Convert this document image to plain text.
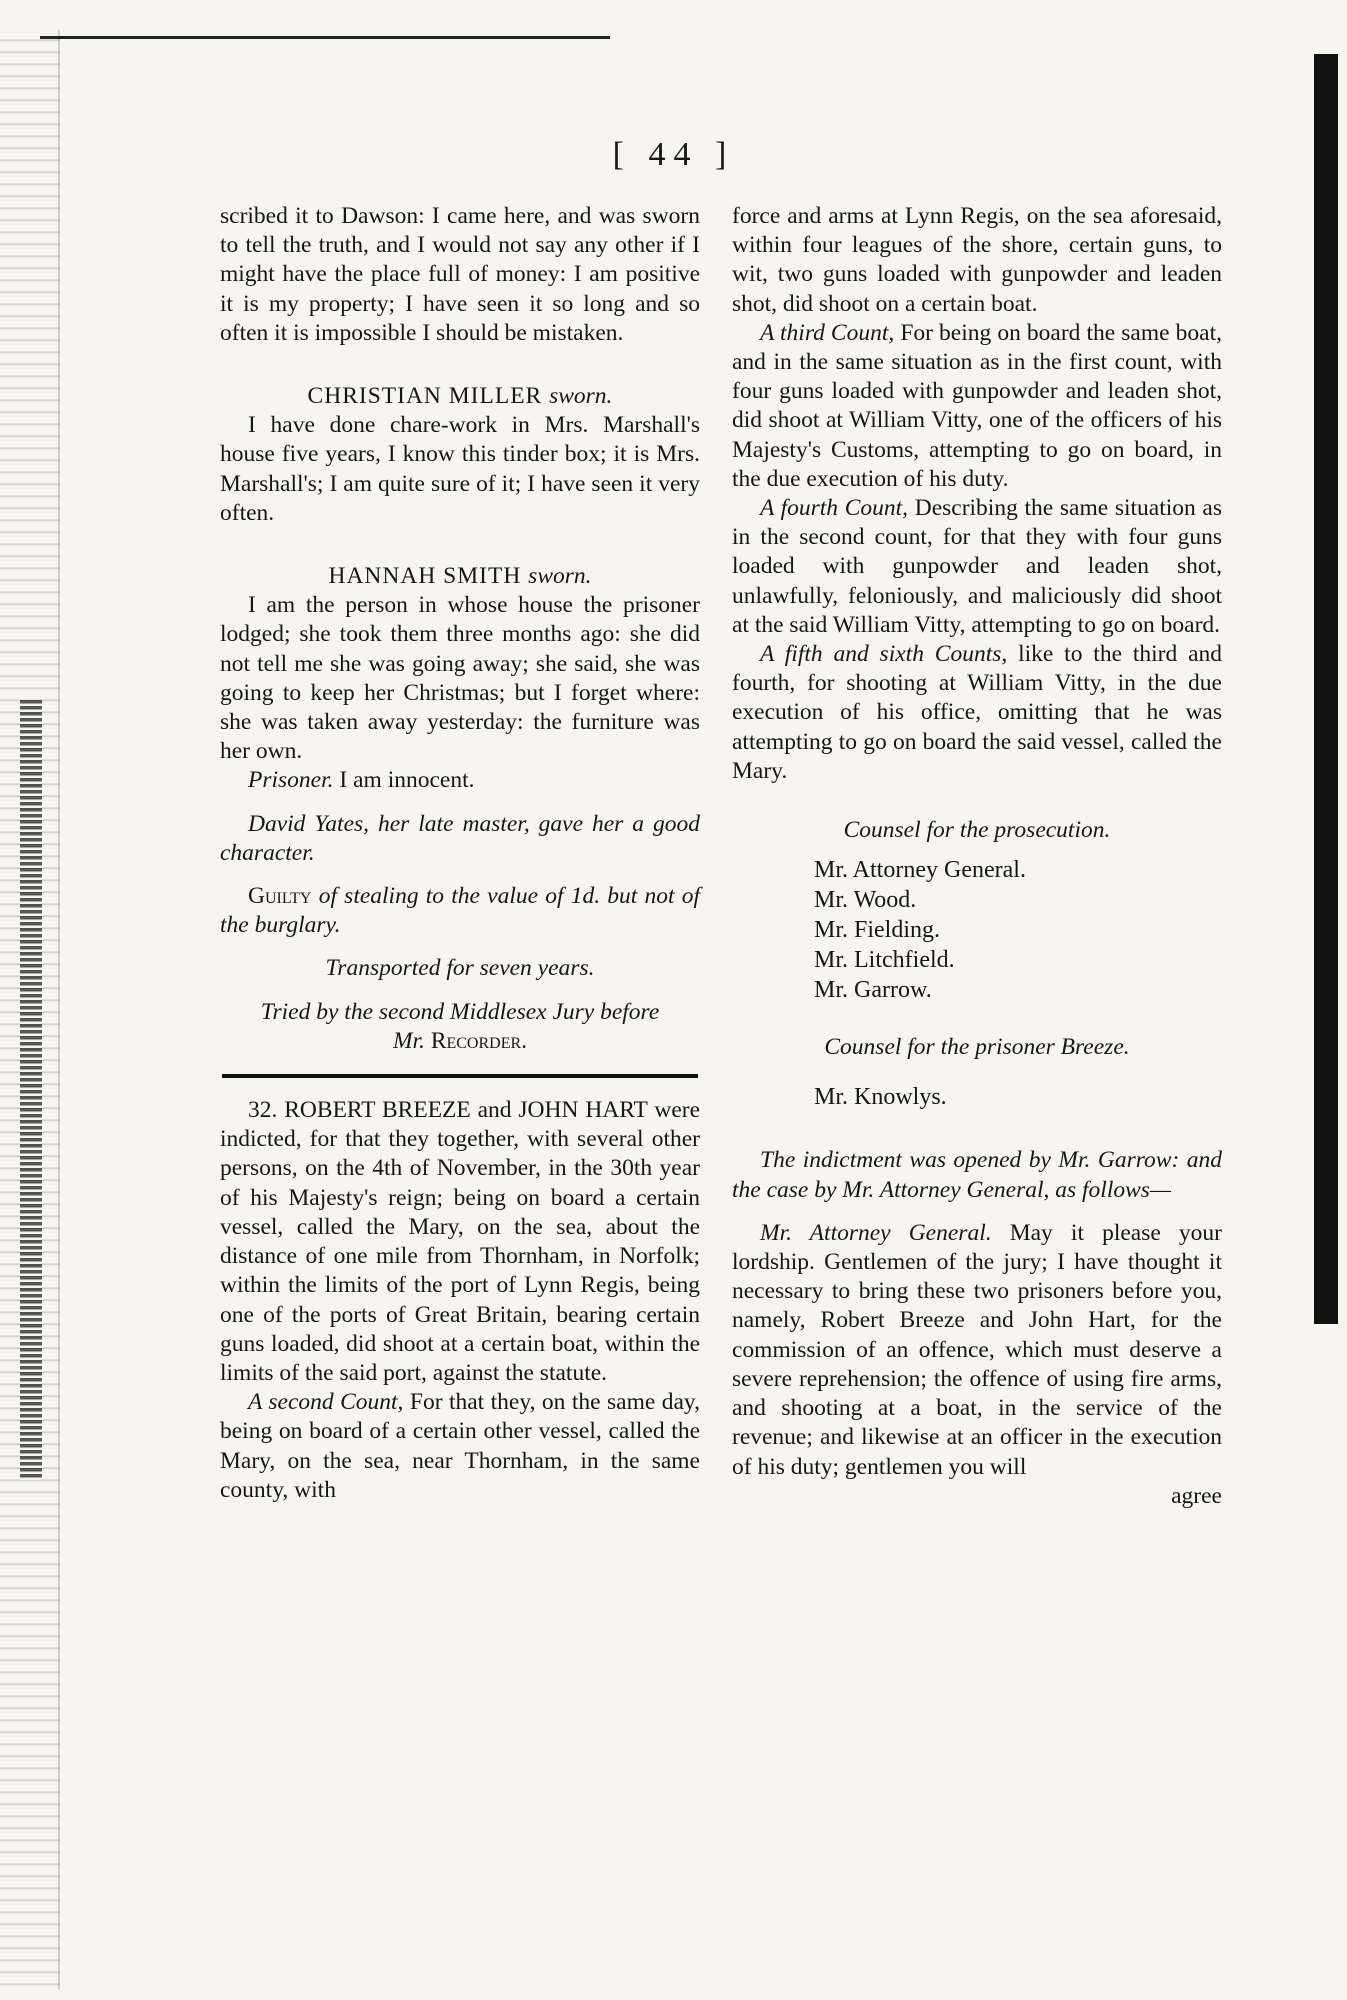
[ 44 ]

scribed it to Dawson: I came here, and was sworn to tell the truth, and I would not say any other if I might have the place full of money: I am positive it is my property; I have seen it so long and so often it is impossible I should be mistaken.

CHRISTIAN MILLER sworn.

I have done chare-work in Mrs. Marshall's house five years, I know this tinder box; it is Mrs. Marshall's; I am quite sure of it; I have seen it very often.

HANNAH SMITH sworn.

I am the person in whose house the prisoner lodged; she took them three months ago: she did not tell me she was going away; she said, she was going to keep her Christmas; but I forget where: she was taken away yesterday: the furniture was her own.

Prisoner. I am innocent.

David Yates, her late master, gave her a good character.

Guilty of stealing to the value of 1d. but not of the burglary.

Transported for seven years.

Tried by the second Middlesex Jury before
Mr. Recorder.

32. ROBERT BREEZE and JOHN HART were indicted, for that they together, with several other persons, on the 4th of November, in the 30th year of his Majesty's reign; being on board a certain vessel, called the Mary, on the sea, about the distance of one mile from Thornham, in Norfolk; within the limits of the port of Lynn Regis, being one of the ports of Great Britain, bearing certain guns loaded, did shoot at a certain boat, within the limits of the said port, against the statute.

A second Count, For that they, on the same day, being on board of a certain other vessel, called the Mary, on the sea, near Thornham, in the same county, with

force and arms at Lynn Regis, on the sea aforesaid, within four leagues of the shore, certain guns, to wit, two guns loaded with gunpowder and leaden shot, did shoot on a certain boat.

A third Count, For being on board the same boat, and in the same situation as in the first count, with four guns loaded with gunpowder and leaden shot, did shoot at William Vitty, one of the officers of his Majesty's Customs, attempting to go on board, in the due execution of his duty.

A fourth Count, Describing the same situation as in the second count, for that they with four guns loaded with gunpowder and leaden shot, unlawfully, feloniously, and maliciously did shoot at the said William Vitty, attempting to go on board.

A fifth and sixth Counts, like to the third and fourth, for shooting at William Vitty, in the due execution of his office, omitting that he was attempting to go on board the said vessel, called the Mary.

Counsel for the prosecution.

Mr. Attorney General.
Mr. Wood.
Mr. Fielding.
Mr. Litchfield.
Mr. Garrow.

Counsel for the prisoner Breeze.

Mr. Knowlys.

The indictment was opened by Mr. Garrow: and the case by Mr. Attorney General, as follows—

Mr. Attorney General. May it please your lordship. Gentlemen of the jury; I have thought it necessary to bring these two prisoners before you, namely, Robert Breeze and John Hart, for the commission of an offence, which must deserve a severe reprehension; the offence of using fire arms, and shooting at a boat, in the service of the revenue; and likewise at an officer in the execution of his duty; gentlemen you will

agree
